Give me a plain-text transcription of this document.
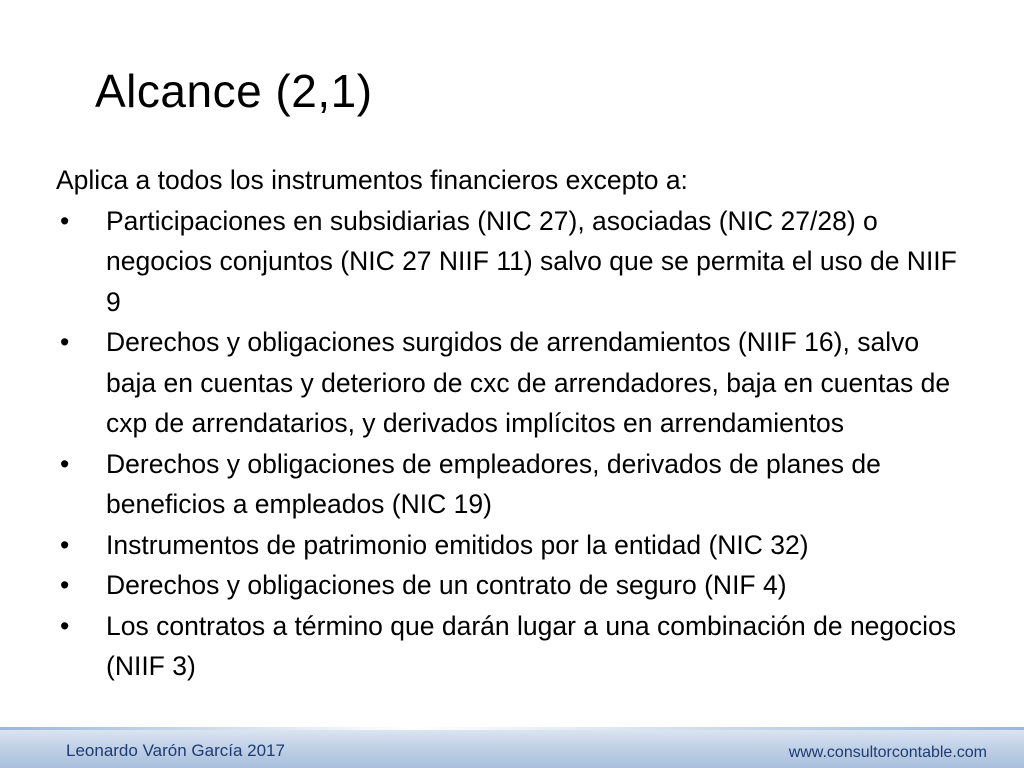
Alcance (2,1)

Aplica a todos los instrumentos financieros excepto a:

• Participaciones en subsidiarias (NIC 27), asociadas (NIC 27/28) o negocios conjuntos (NIC 27 NIIF 11) salvo que se permita el uso de NIIF 9
• Derechos y obligaciones surgidos de arrendamientos (NIIF 16), salvo baja en cuentas y deterioro de cxc de arrendadores, baja en cuentas de cxp de arrendatarios, y derivados implícitos en arrendamientos
• Derechos y obligaciones de empleadores, derivados de planes de beneficios a empleados (NIC 19)
• Instrumentos de patrimonio emitidos por la entidad (NIC 32)
• Derechos y obligaciones de un contrato de seguro (NIF 4)
• Los contratos a término que darán lugar a una combinación de negocios (NIIF 3)
Leonardo Varón García 2017	www.consultorcontable.com
